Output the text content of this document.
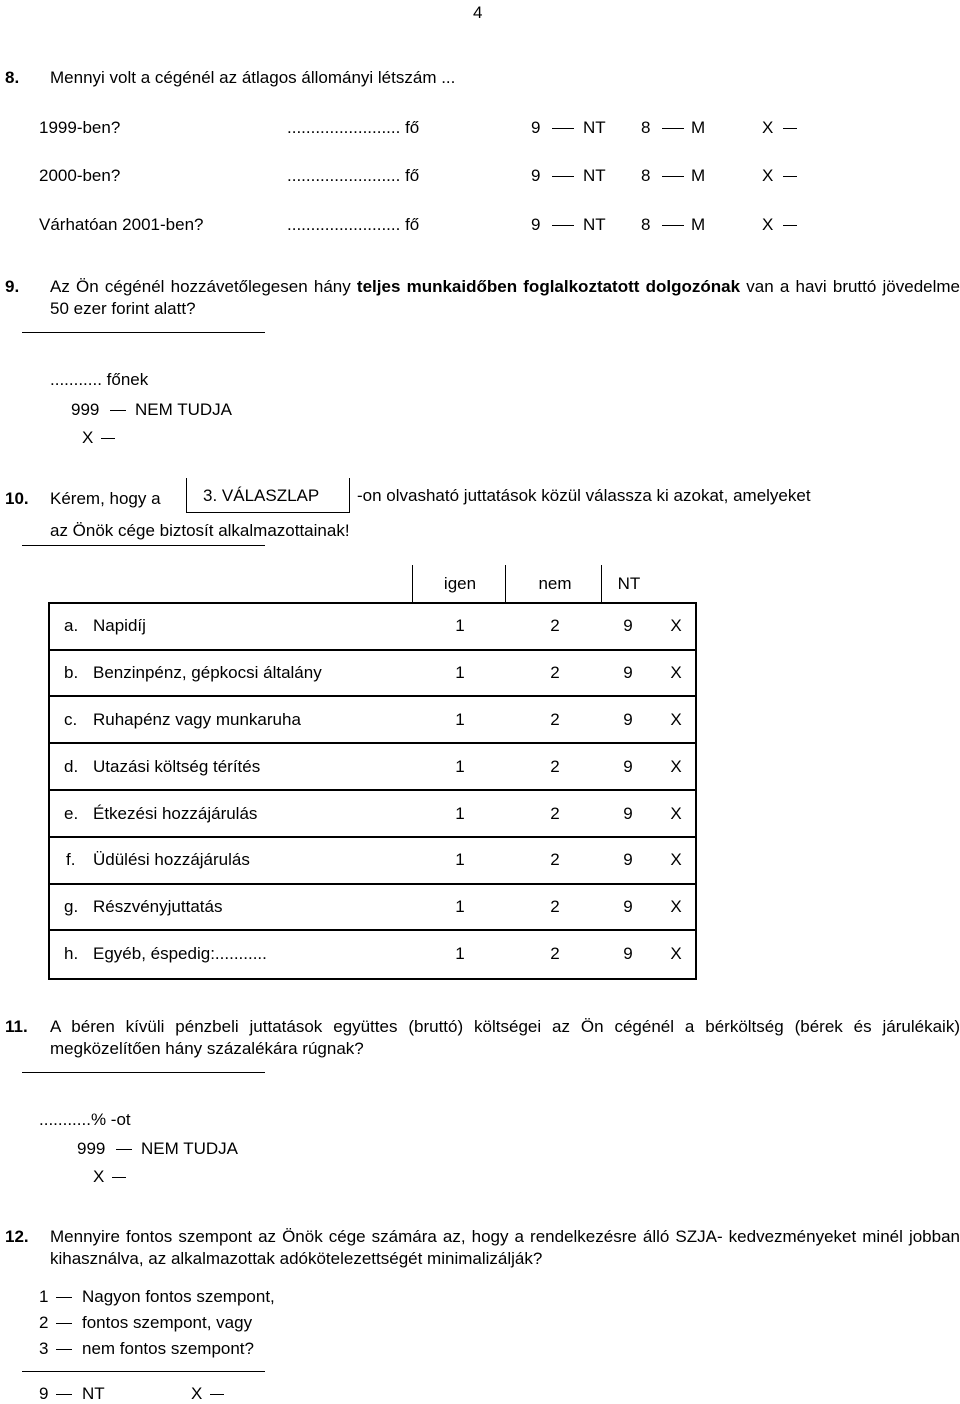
4
8. Mennyi volt a cégénél az átlagos állományi létszám ...
1999-ben?	........................ fő	9	NT 8 M	X
2000-ben?	........................ fő	9	NT 8 M	X
Várhatóan 2001-ben?	........................ fő	9	NT 8 M	X
9. Az Ön cégénél hozzávetőlegesen hány teljes munkaidőben foglalkoztatott dolgozónak van a havi bruttó jövedelme 50 ezer forint alatt?
........... főnek
999 NEM TUDJA
X
10. Kérem, hogy a 3. VÁLASZLAP -on olvasható juttatások közül válassza ki azokat, amelyeket
az Önök cége biztosít alkalmazottainak!
igen	nem	NT
a. Napidíj	1	2	9	X
b. Benzinpénz, gépkocsi általány	1	2	9	X
c. Ruhapénz vagy munkaruha	1	2	9	X
d. Utazási költség térítés	1	2	9	X
e. Étkezési hozzájárulás	1	2	9	X
f. Üdülési hozzájárulás	1	2	9	X
g. Részvényjuttatás	1	2	9	X
h. Egyéb, éspedig:...........	1	2	9	X
11. A béren kívüli pénzbeli juttatások együttes (bruttó) költségei az Ön cégénél a bérköltség (bérek és járulékaik) megközelítően hány százalékára rúgnak?
...........% -ot
999 NEM TUDJA
X
12. Mennyire fontos szempont az Önök cége számára az, hogy a rendelkezésre álló SZJA- kedvezményeket minél jobban kihasználva, az alkalmazottak adókötelezettségét minimalizálják?
1 Nagyon fontos szempont,
2 fontos szempont, vagy
3 nem fontos szempont?
9 NT	X
